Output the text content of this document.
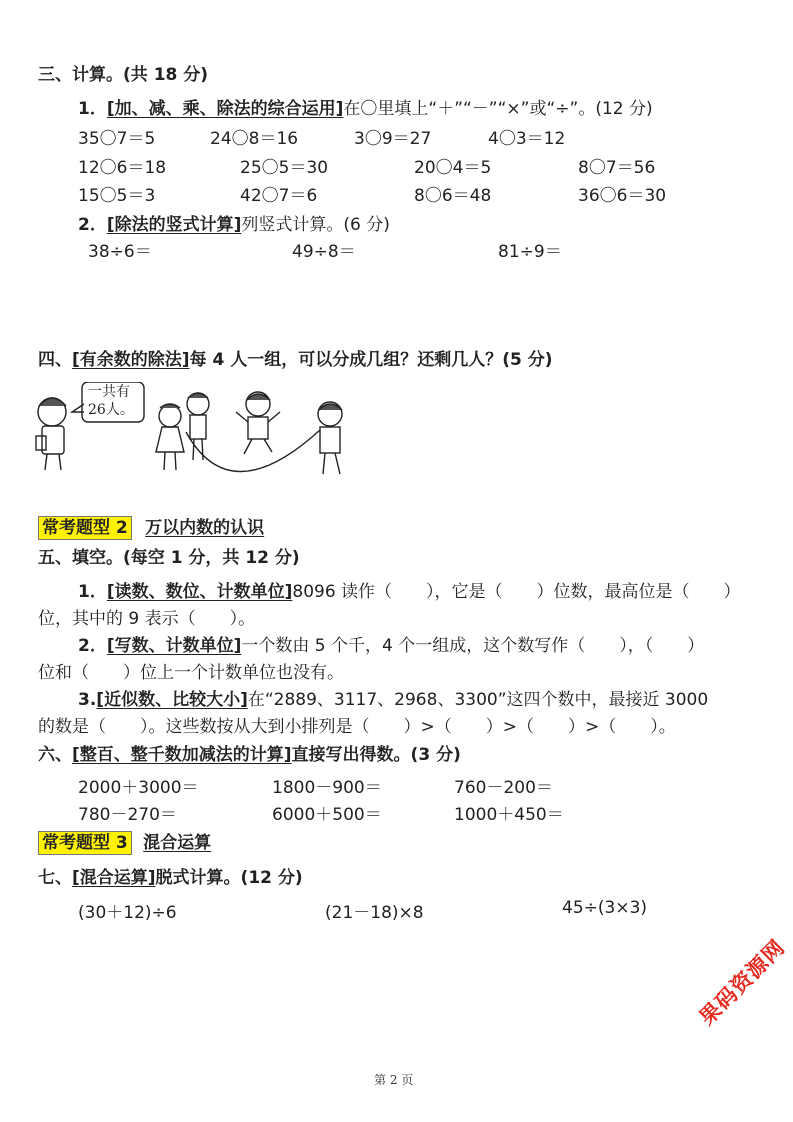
三、计算。(共 18 分)
1．[加、减、乘、除法的综合运用]在〇里填上“＋”“－”“×”或“÷”。(12 分)
35〇7＝5	24〇8＝16	3〇9＝27	4〇3＝12
12〇6＝18	25〇5＝30	20〇4＝5	8〇7＝56
15〇5＝3	42〇7＝6	8〇6＝48	36〇6＝30
2．[除法的竖式计算]列竖式计算。(6 分)
38÷6＝	49÷8＝	81÷9＝
四、[有余数的除法]每 4 人一组，可以分成几组？还剩几人？(5 分)
一共有
26人。
常考题型 2 万以内数的认识
五、填空。(每空 1 分，共 12 分)
1．[读数、数位、计数单位]8096 读作（　　），它是（　　）位数，最高位是（　　）
位，其中的 9 表示（　　）。
2．[写数、计数单位]一个数由 5 个千，4 个一组成，这个数写作（　　），（　　）
位和（　　）位上一个计数单位也没有。
3.[近似数、比较大小]在“2889、3117、2968、3300”这四个数中，最接近 3000
的数是（　　）。这些数按从大到小排列是（　　）>（　　）>（　　）>（　　）。
六、[整百、整千数加减法的计算]直接写出得数。(3 分)
2000＋3000＝	1800－900＝	760－200＝
780－270＝	6000＋500＝	1000＋450＝
常考题型 3 混合运算
七、[混合运算]脱式计算。(12 分)
(30＋12)÷6	(21－18)×8	45÷(3×3)
果码资源网
第 2 页
